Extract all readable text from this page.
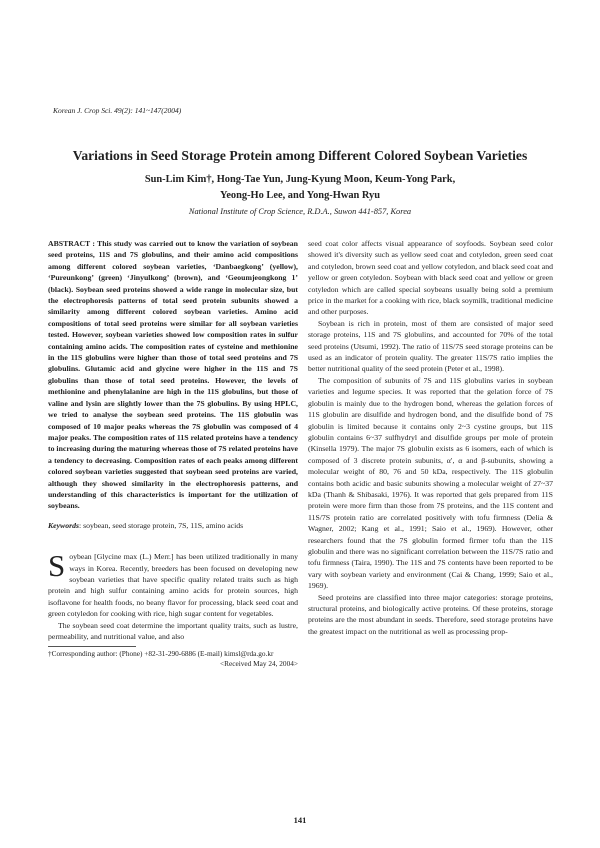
Korean J. Crop Sci. 49(2): 141~147(2004)
Variations in Seed Storage Protein among Different Colored Soybean Varieties
Sun-Lim Kim†, Hong-Tae Yun, Jung-Kyung Moon, Keum-Yong Park,
Yeong-Ho Lee, and Yong-Hwan Ryu
National Institute of Crop Science, R.D.A., Suwon 441-857, Korea

ABSTRACT : This study was carried out to know the variation of soybean seed proteins, 11S and 7S globulins, and their amino acid compositions among different colored soybean varieties, ‘Danbaegkong’ (yellow), ‘Pureunkong’ (green) ‘Jinyulkong’ (brown), and ‘Geoumjeongkong 1’ (black). Soybean seed proteins showed a wide range in molecular size, but the electrophoresis patterns of total seed protein subunits showed a similarity among different colored soybean varieties. Amino acid compositions of total seed proteins were similar for all soybean varieties tested. However, soybean varieties showed low composition rates in sulfur containing amino acids. The composition rates of cysteine and methionine in the 11S globulins were higher than those of total seed proteins and 7S globulins. Glutamic acid and glycine were higher in the 11S and 7S globulins than those of total seed proteins. However, the levels of methionine and phenylalanine are high in the 11S globulins, but those of valine and lysin are slightly lower than the 7S globulins. By using HPLC, we tried to analyse the soybean seed proteins. The 11S globulin was composed of 10 major peaks whereas the 7S globulin was composed of 4 major peaks. The composition rates of 11S related proteins have a tendency to increasing during the maturing whereas those of 7S related proteins have a tendency to decreasing. Composition rates of each peaks among different colored soybean varieties suggested that soybean seed proteins are varied, although they showed similarity in the electrophoresis patterns, and understanding of this characteristics is important for the utilization of soybeans.

Keywords: soybean, seed storage protein, 7S, 11S, amino acids

Soybean [Glycine max (L.) Merr.] has been utilized traditionally in many ways in Korea. Recently, breeders has been focused on developing new soybean varieties that have specific quality related traits such as high protein and high sulfur containing amino acids for protein sources, high isoflavone for health foods, no beany flavor for processing, black seed coat and green cotyledon for cooking with rice, high sugar content for vegetables.

The soybean seed coat determine the important quality traits, such as lustre, permeability, and nutritional value, and also

†Corresponding author: (Phone) +82-31-290-6886 (E-mail) kimsl@rda.go.kr
<Received May 24, 2004>

seed coat color affects visual appearance of soyfoods. Soybean seed color showed it's diversity such as yellow seed coat and cotyledon, green seed coat and cotyledon, brown seed coat and yellow cotyledon, and black seed coat and yellow or green cotyledon. Soybean with black seed coat and yellow or green cotyledon which are called special soybeans usually being sold a premium price in the market for a cooking with rice, black soymilk, traditional medicine and other purposes.

Soybean is rich in protein, most of them are consisted of major seed storage proteins, 11S and 7S globulins, and accounted for 70% of the total seed proteins (Utsumi, 1992). The ratio of 11S/7S seed storage proteins can be used as an indicator of protein quality. The greater 11S/7S ratio implies the better nutritional quality of the seed protein (Peter et al., 1998).

The composition of subunits of 7S and 11S globulins varies in soybean varieties and legume species. It was reported that the gelation force of 7S globulin is mainly due to the hydrogen bond, whereas the gelation forces of 11S globulin are disulfide and hydrogen bond, and the disulfide bond of 7S globulin is limited because it contains only 2~3 cystine groups, but 11S globulin contains 6~37 sulfhydryl and disulfide groups per mole of protein (Kinsella 1979). The major 7S globulin exists as 6 isomers, each of which is composed of 3 discrete protein subunits, α′, α and β-subunits, showing a molecular weight of 80, 76 and 50 kDa, respectively. The 11S globulin contains both acidic and basic subunits showing a molecular weight of 27~37 kDa (Thanh & Shibasaki, 1976). It was reported that gels prepared from 11S protein were more firm than those from 7S proteins, and the 11S content and 11S/7S protein ratio are correlated positively with tofu firmness (Delia & Wagner, 2002; Kang et al., 1991; Saio et al., 1969). However, other researchers found that the 7S globulin formed firmer tofu than the 11S globulin and there was no significant correlation between the 11S/7S ratio and tofu firmness (Taira, 1990). The 11S and 7S contents have been reported to be vary with soybean variety and environment (Cai & Chang, 1999; Saio et al., 1969).

Seed proteins are classified into three major categories: storage proteins, structural proteins, and biologically active proteins. Of these proteins, storage proteins are the most abundant in seeds. Therefore, seed storage proteins have the greatest impact on the nutritional as well as processing prop-

141
